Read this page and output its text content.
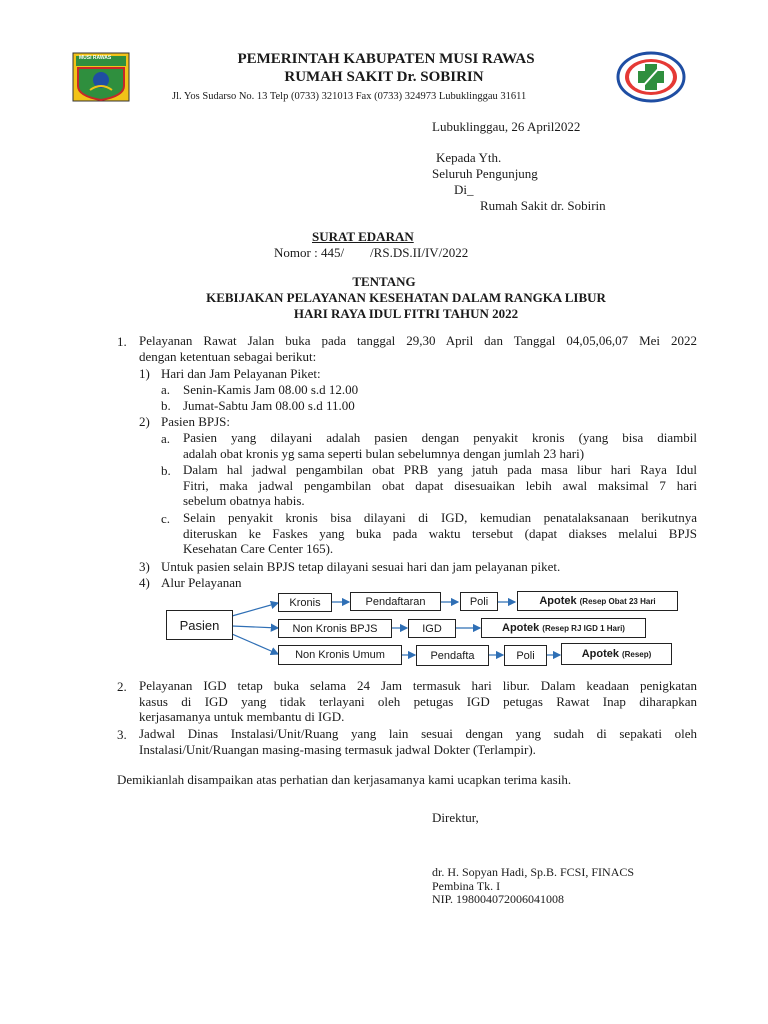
MUSI RAWAS	PEMERINTAH KABUPATEN MUSI RAWAS
RUMAH SAKIT Dr. SOBIRIN
Jl. Yos Sudarso No. 13 Telp (0733) 321013 Fax (0733) 324973 Lubuklinggau 31611
Lubuklinggau, 26 April2022
Kepada Yth.
Seluruh Pengunjung
Di_
Rumah Sakit dr. Sobirin
SURAT EDARAN
Nomor : 445/        /RS.DS.II/IV/2022
TENTANG
KEBIJAKAN PELAYANAN KESEHATAN DALAM RANGKA LIBUR
HARI RAYA IDUL FITRI TAHUN 2022
1. Pelayanan Rawat Jalan buka pada tanggal 29,30 April dan Tanggal 04,05,06,07 Mei 2022
dengan ketentuan sebagai berikut:
1) Hari dan Jam Pelayanan Piket:
a. Senin-Kamis Jam 08.00 s.d 12.00
b. Jumat-Sabtu Jam 08.00 s.d 11.00
2) Pasien BPJS:
a. Pasien yang dilayani adalah pasien dengan penyakit kronis (yang bisa diambil
adalah obat kronis yg sama seperti bulan sebelumnya dengan jumlah 23 hari)
b. Dalam hal jadwal pengambilan obat PRB yang jatuh pada masa libur hari Raya Idul
Fitri, maka jadwal pengambilan obat dapat disesuaikan lebih awal maksimal 7 hari
sebelum obatnya habis.
c. Selain penyakit kronis bisa dilayani di IGD, kemudian penatalaksanaan berikutnya
diteruskan ke Faskes yang buka pada waktu tersebut (dapat diakses melalui BPJS
Kesehatan Care Center 165).
3) Untuk pasien selain BPJS tetap dilayani sesuai hari dan jam pelayanan piket.
4) Alur Pelayanan
Pasien
Kronis	Pendaftaran	Poli	Apotek (Resep Obat 23 Hari
Non Kronis BPJS	IGD	Apotek (Resep RJ IGD 1 Hari)
Non Kronis Umum	Pendafta	Poli	Apotek (Resep)
2. Pelayanan IGD tetap buka selama 24 Jam termasuk hari libur. Dalam keadaan penigkatan
kasus di IGD yang tidak terlayani oleh petugas IGD petugas Rawat Inap diharapkan
kerjasamanya untuk membantu di IGD.
3. Jadwal Dinas Instalasi/Unit/Ruang yang lain sesuai dengan yang sudah di sepakati oleh
Instalasi/Unit/Ruangan masing-masing termasuk jadwal Dokter (Terlampir).
Demikianlah disampaikan atas perhatian dan kerjasamanya kami ucapkan terima kasih.
Direktur,
dr. H. Sopyan Hadi, Sp.B. FCSI, FINACS
Pembina Tk. I
NIP. 198004072006041008
